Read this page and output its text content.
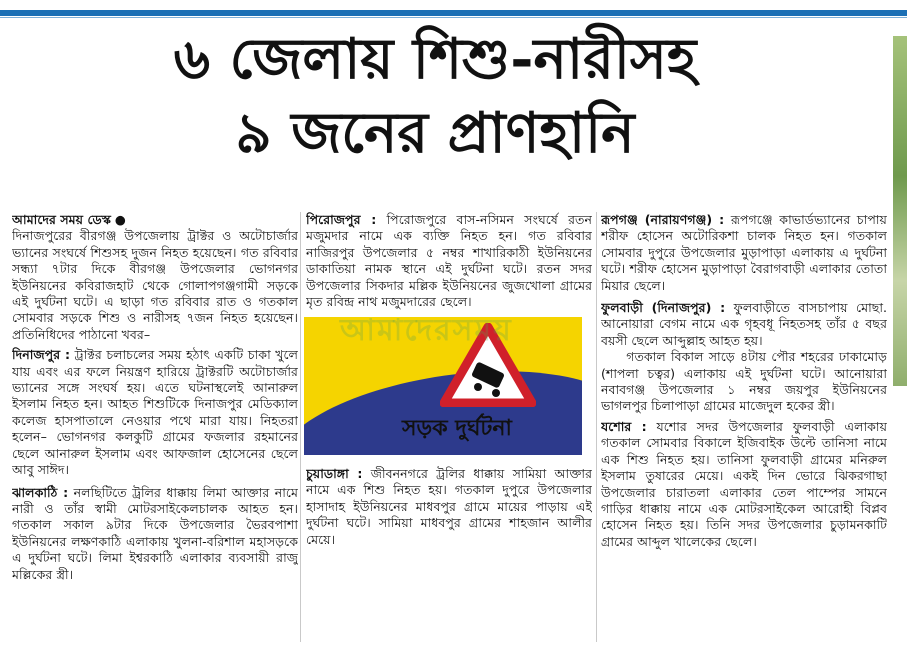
৬ জেলায় শিশু-নারীসহ
৯ জনের প্রাণহানি

আমাদের সময় ডেস্ক ●

দিনাজপুরের বীরগঞ্জ উপজেলায় ট্রাক্টর ও অটোচার্জার ভ্যানের সংঘর্ষে শিশুসহ দুজন নিহত হয়েছেন। গত রবিবার সন্ধ্যা ৭টার দিকে বীরগঞ্জ উপজেলার ভোগনগর ইউনিয়নের কবিরাজহাট থেকে গোলাপগঞ্জগামী সড়কে এই দুর্ঘটনা ঘটে। এ ছাড়া গত রবিবার রাত ও গতকাল সোমবার সড়কে শিশু ও নারীসহ ৭জন নিহত হয়েছেন। প্রতিনিধিদের পাঠানো খবর–

দিনাজপুর : ট্রাক্টর চলাচলের সময় হঠাৎ একটি চাকা খুলে যায় এবং এর ফলে নিয়ন্ত্রণ হারিয়ে ট্রাক্টরটি অটোচার্জার ভ্যানের সঙ্গে সংঘর্ষ হয়। এতে ঘটনাস্থলেই আনারুল ইসলাম নিহত হন। আহত শিশুটিকে দিনাজপুর মেডিক্যাল কলেজ হাসপাতালে নেওয়ার পথে মারা যায়। নিহতরা হলেন– ভোগনগর কলকুটি গ্রামের ফজলার রহমানের ছেলে আনারুল ইসলাম এবং আফজাল হোসেনের ছেলে আবু সাঈদ।

ঝালকাঠি : নলছিটিতে ট্রলির ধাক্কায় লিমা আক্তার নামে নারী ও তাঁর স্বামী মোটরসাইকেলচালক আহত হন। গতকাল সকাল ৯টার দিকে উপজেলার ভৈরবপাশা ইউনিয়নের লক্ষণকাঠি এলাকায় খুলনা-বরিশাল মহাসড়কে এ দুর্ঘটনা ঘটে। লিমা ইশ্বরকাঠি এলাকার ব্যবসায়ী রাজু মল্লিকের স্ত্রী।

পিরোজপুর : পিরোজপুরে বাস-নসিমন সংঘর্ষে রতন মজুমদার নামে এক ব্যক্তি নিহত হন। গত রবিবার নাজিরপুর উপজেলার ৫ নম্বর শাখারিকাঠী ইউনিয়নের ডাকাতিয়া নামক স্থানে এই দুর্ঘটনা ঘটে। রতন সদর উপজেলার সিকদার মল্লিক ইউনিয়নের জুজখোলা গ্রামের মৃত রবিন্দ্র নাথ মজুমদারের ছেলে।

সড়ক দুর্ঘটনা
আমাদেরসময়

চুয়াডাঙ্গা : জীবননগরে ট্রলির ধাক্কায় সামিয়া আক্তার নামে এক শিশু নিহত হয়। গতকাল দুপুরে উপজেলার হাসাদাহ ইউনিয়নের মাধবপুর গ্রামে মায়ের পাড়ায় এই দুর্ঘটনা ঘটে। সামিয়া মাধবপুর গ্রামের শাহজান আলীর মেয়ে।

রূপগঞ্জ (নারায়ণগঞ্জ) : রূপগঞ্জে কাভার্ডভ্যানের চাপায় শরীফ হোসেন অটোরিকশা চালক নিহত হন। গতকাল সোমবার দুপুরে উপজেলার মুড়াপাড়া এলাকায় এ দুর্ঘটনা ঘটে। শরীফ হোসেন মুড়াপাড়া বৈরাগবাড়ী এলাকার তোতা মিয়ার ছেলে।

ফুলবাড়ী (দিনাজপুর) : ফুলবাড়ীতে বাসচাপায় মোছা. আনোয়ারা বেগম নামে এক গৃহবধূ নিহতসহ তাঁর ৫ বছর বয়সী ছেলে আব্দুল্লাহ আহত হয়।

গতকাল বিকাল সাড়ে ৪টায় পৌর শহরের ঢাকামোড় (শাপলা চত্বর) এলাকায় এই দুর্ঘটনা ঘটে। আনোয়ারা নবাবগঞ্জ উপজেলার ১ নম্বর জয়পুর ইউনিয়নের ভাগলপুর চিলাপাড়া গ্রামের মাজেদুল হকের স্ত্রী।

যশোর : যশোর সদর উপজেলার ফুলবাড়ী এলাকায় গতকাল সোমবার বিকালে ইজিবাইক উল্টে তানিসা নামে এক শিশু নিহত হয়। তানিসা ফুলবাড়ী গ্রামের মনিরুল ইসলাম তুষারের মেয়ে। একই দিন ভোরে ঝিকরগাছা উপজেলার চারাতলা এলাকার তেল পাম্পের সামনে গাড়ির ধাক্কায় নামে এক মোটরসাইকেল আরোহী বিপ্লব হোসেন নিহত হয়। তিনি সদর উপজেলার চুড়ামনকাটি গ্রামের আব্দুল খালেকের ছেলে।
